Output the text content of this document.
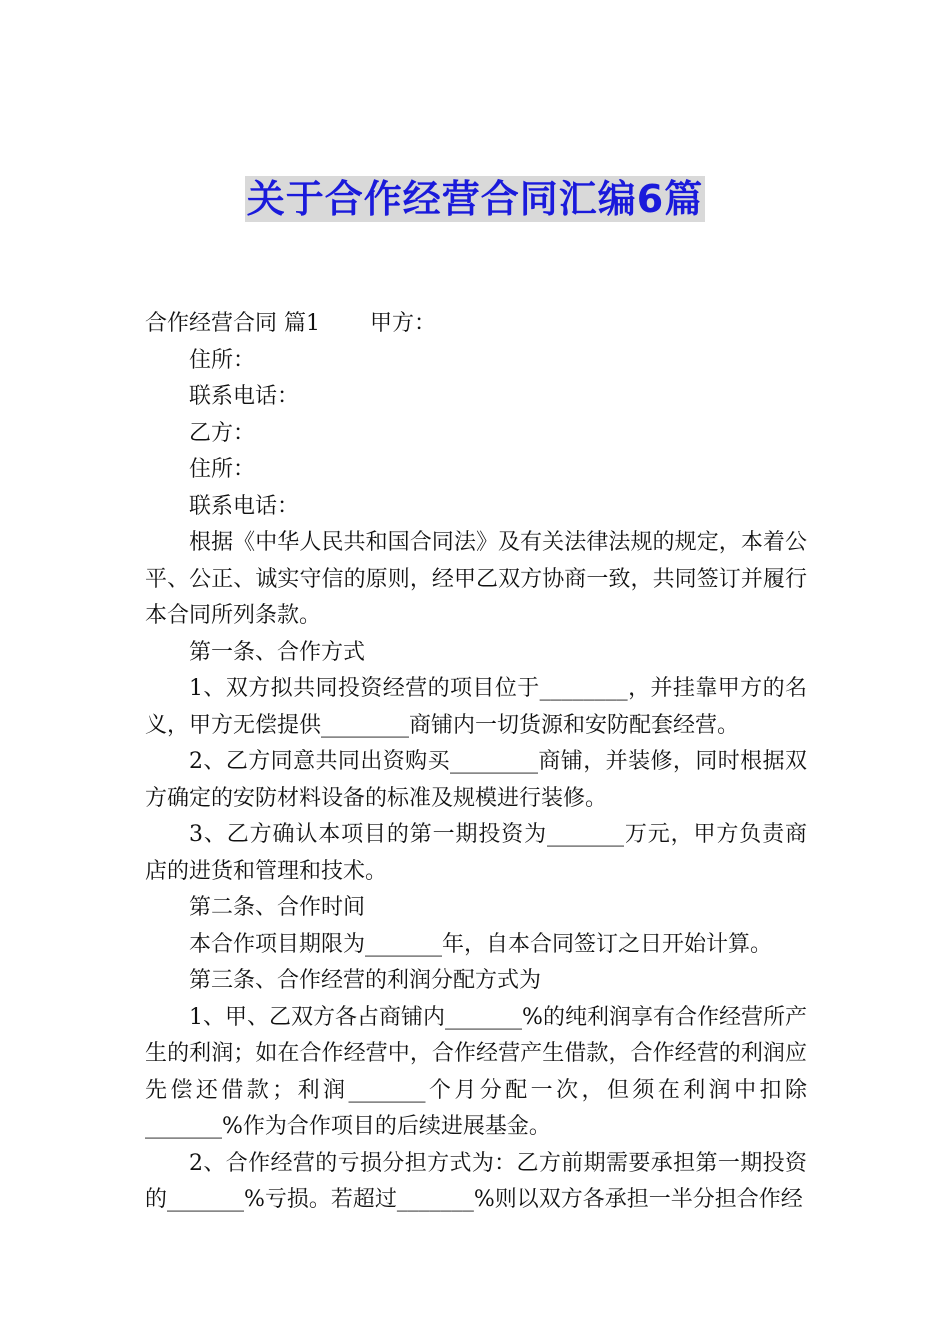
关于合作经营合同汇编6篇

合作经营合同 篇1 甲方：

住所：

联系电话：

乙方：

住所：

联系电话：

根据《中华人民共和国合同法》及有关法律法规的规定，本着公平、公正、诚实守信的原则，经甲乙双方协商一致，共同签订并履行本合同所列条款。

第一条、合作方式

1、双方拟共同投资经营的项目位于________，并挂靠甲方的名义，甲方无偿提供________商铺内一切货源和安防配套经营。

2、乙方同意共同出资购买________商铺，并装修，同时根据双方确定的安防材料设备的标准及规模进行装修。

3、乙方确认本项目的第一期投资为_______万元，甲方负责商店的进货和管理和技术。

第二条、合作时间

本合作项目期限为_______年，自本合同签订之日开始计算。

第三条、合作经营的利润分配方式为

1、甲、乙双方各占商铺内_______%的纯利润享有合作经营所产生的利润；如在合作经营中，合作经营产生借款，合作经营的利润应先偿还借款；利润_______个月分配一次，但须在利润中扣除_______%作为合作项目的后续进展基金。

2、合作经营的亏损分担方式为：乙方前期需要承担第一期投资的_______%亏损。若超过_______%则以双方各承担一半分担合作经
